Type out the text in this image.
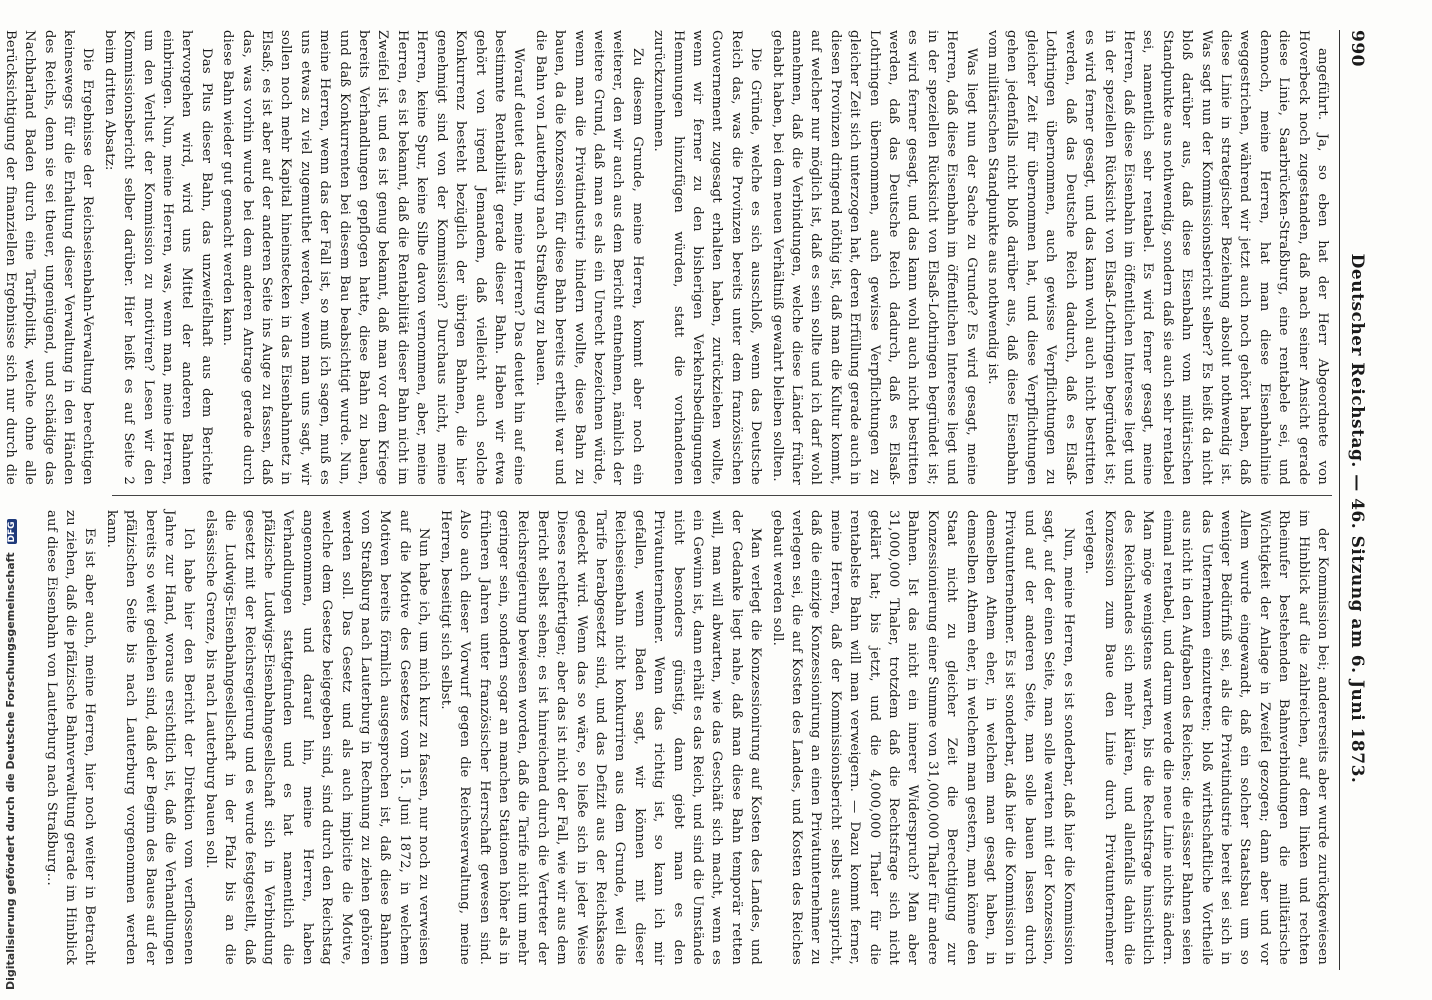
990
Deutscher Reichstag. — 46. Sitzung am 6. Juni 1873.

angeführt. Ja, so eben hat der Herr Abgeordnete von Hoverbeck noch zugestanden, daß nach seiner Ansicht gerade diese Linie, Saarbrücken-Straßburg, eine rentabele sei, und dennoch, meine Herren, hat man diese Eisenbahnlinie weggestrichen, während wir jetzt auch noch gehört haben, daß diese Linie in strategischer Beziehung absolut nothwendig ist. Was sagt nun der Kommissionsbericht selber? Es heißt da nicht bloß darüber aus, daß diese Eisenbahn vom militärischen Standpunkte aus nothwendig, sondern daß sie auch sehr rentabel sei, namentlich sehr rentabel. Es wird ferner gesagt, meine Herren, daß diese Eisenbahn im öffentlichen Interesse liegt und in der speziellen Rücksicht von Elsaß-Lothringen begründet ist; es wird ferner gesagt, und das kann wohl auch nicht bestritten werden, daß das Deutsche Reich dadurch, daß es Elsaß-Lothringen übernommen, auch gewisse Verpflichtungen zu gleicher Zeit für übernommen hat, und diese Verpflichtungen gehen jedenfalls nicht bloß darüber aus, daß diese Eisenbahn vom militärischen Standpunkte aus nothwendig ist.

Was liegt nun der Sache zu Grunde? Es wird gesagt, meine Herren, daß diese Eisenbahn im öffentlichen Interesse liegt und in der speziellen Rücksicht von Elsaß-Lothringen begründet ist; es wird ferner gesagt, und das kann wohl auch nicht bestritten werden, daß das Deutsche Reich dadurch, daß es Elsaß-Lothringen übernommen, auch gewisse Verpflichtungen zu gleicher Zeit sich unterzogen hat, deren Erfüllung gerade auch in diesen Provinzen dringend nöthig ist, daß man die Kultur kommt, auf welcher nur möglich ist, daß es sein sollte und ich darf wohl annehmen, daß die Verbindungen, welche diese Länder früher gehabt haben, bei dem neuen Verhältniß gewahrt bleiben sollten.

Die Gründe, welche es sich ausschloß, wenn das Deutsche Reich das, was die Provinzen bereits unter dem französischen Gouvernement zugesagt erhalten haben, zurückziehen wollte, wenn wir ferner zu den bisherigen Verkehrsbedingungen Hemmungen hinzufügen würden, statt die vorhandenen zurückzunehmen.

Zu diesem Grunde, meine Herren, kommt aber noch ein weiterer, den wir auch aus dem Bericht entnehmen, nämlich der weitere Grund, daß man es als ein Unrecht bezeichnen würde, wenn man die Privatindustrie hindern wollte, diese Bahn zu bauen, da die Konzession für diese Bahn bereits ertheilt war und die Bahn von Lauterburg nach Straßburg zu bauen.

Worauf deutet das hin, meine Herren? Das deutet hin auf eine bestimmte Rentabilität gerade dieser Bahn. Haben wir etwa gehört von irgend Jemandem, daß vielleicht auch solche Konkurrenz besteht bezüglich der übrigen Bahnen, die hier genehmigt sind von der Kommission? Durchaus nicht, meine Herren, keine Spur, keine Silbe davon vernommen, aber, meine Herren, es ist bekannt, daß die Rentabilität dieser Bahn nicht im Zweifel ist, und es ist genug bekannt, daß man vor dem Kriege bereits Verhandlungen gepflogen hatte, diese Bahn zu bauen, und daß Konkurrenten bei diesem Bau beabsichtigt wurde. Nun, meine Herren, wenn das der Fall ist, so muß ich sagen, muß es uns etwas zu viel zugemuthet werden, wenn man uns sagt, wir sollen noch mehr Kapital hineinstecken in das Eisenbahnnetz in Elsaß; es ist aber auf der anderen Seite ins Auge zu fassen, daß das, was vorhin wurde bei dem anderen Antrage gerade durch diese Bahn wieder gut gemacht werden kann.

Das Plus dieser Bahn, das unzweifelhaft aus dem Berichte hervorgehen wird, wird uns Mittel der anderen Bahnen einbringen. Nun, meine Herren, was, wenn man, meine Herren, um den Verlust der Kommission zu motiviren? Lesen wir den Kommissionsbericht selber darüber. Hier heißt es auf Seite 2 beim dritten Absatz:

Die Ergebnisse der Reichseisenbahn-Verwaltung berechtigen keineswegs für die Erhaltung dieser Verwaltung in den Händen des Reichs, denn sie sei theuer, ungenügend, und schädige das Nachbarland Baden durch eine Tarifpolitik, welche ohne alle Berücksichtigung der finanziellen Ergebnisse sich nur durch die

der Kommission bei; andererseits aber wurde zurückgewiesen im Hinblick auf die zahlreichen, auf dem linken und rechten Rheinufer bestehenden Bahnverbindungen die militärische Wichtigkeit der Anlage in Zweifel gezogen; dann aber und vor Allem wurde eingewandt, daß ein solcher Staatsbau um so weniger Bedürfniß sei, als die Privatindustrie bereit sei sich in das Unternehmen einzutreten; bloß wirthschaftliche Vortheile aus nicht in den Aufgaben des Reiches; die elsässer Bahnen seien einmal rentabel, und darum werde die neue Linie nichts ändern. Man möge wenigstens warten, bis die Rechtsfrage hinsichtlich des Reichslandes sich mehr klären, und allenfalls dahin die Konzession zum Baue den Linie durch Privatunternehmer verlegen.

Nun, meine Herren, es ist sonderbar, daß hier die Kommission sagt, auf der einen Seite, man solle warten mit der Konzession, und auf der anderen Seite, man solle bauen lassen durch Privatunternehmer. Es ist sonderbar, daß hier die Kommission in demselben Athem eher, in welchem man gesagt haben, in demselben Athem eher, in welchem man gestern, man könne den Staat nicht zu gleicher Zeit die Berechtigung zur Konzessionierung einer Summe von 31,000,000 Thaler für andere Bahnen. Ist das nicht ein innerer Widerspruch? Man aber 31,000,000 Thaler, trotzdem daß die Rechtsfrage sich nicht geklärt hat; bis jetzt, und die 4,000,000 Thaler für die rentabelste Bahn will man verweigern. — Dazu kommt ferner, meine Herren, daß der Kommissionsbericht selbst ausspricht, daß die einzige Konzessionirung an einen Privatunternehmer zu verlegen sei, die auf Kosten des Landes, und Kosten des Reiches gebaut werden soll.

Man verlegt die Konzessionirung auf Kosten des Landes, und der Gedanke liegt nahe, daß man diese Bahn temporär retten will, man will abwarten, wie das Geschäft sich macht, wenn es ein Gewinn ist, dann erhält es das Reich, und sind die Umstände nicht besonders günstig, dann giebt man es den Privatunternehmer. Wenn das richtig ist, so kann ich mir gefallen, wenn Baden sagt, wir können mit dieser Reichseisenbahn nicht konkurriren aus dem Grunde, weil die Tarife herabgesetzt sind, und das Defizit aus der Reichskasse gedeckt wird. Wenn das so wäre, so ließe sich in jeder Weise Dieses rechtfertigen; aber das ist nicht der Fall, wie wir aus dem Bericht selbst sehen; es ist hinreichend durch die Vertreter der Reichsregierung bewiesen worden, daß die Tarife nicht um mehr geringer sein, sondern sogar an manchen Stationen höher als in früheren Jahren unter französischer Herrschaft gewesen sind. Also auch dieser Vorwurf gegen die Reichsverwaltung, meine Herren, beseitigt sich selbst.

Nun habe ich, um mich kurz zu fassen, nur noch zu verweisen auf die Motive des Gesetzes vom 15. Juni 1872, in welchem Motiven bereits förmlich ausgesprochen ist, daß diese Bahnen von Straßburg nach Lauterburg in Rechnung zu ziehen gehören werden soll. Das Gesetz und als auch implicite die Motive, welche dem Gesetze beigegeben sind, sind durch den Reichstag angenommen, und darauf hin, meine Herren, haben Verhandlungen stattgefunden und es hat namentlich die pfälzische Ludwigs-Eisenbahngesellschaft sich in Verbindung gesetzt mit der Reichsregierung und es wurde festgestellt, daß die Ludwigs-Eisenbahngesellschaft in der Pfalz bis an die elsässische Grenze, bis nach Lauterburg bauen soll.

Ich habe hier den Bericht der Direktion vom verflossenen Jahre zur Hand, woraus ersichtlich ist, daß die Verhandlungen bereits so weit gediehen sind, daß der Beginn des Baues auf der pfälzischen Seite bis nach Lauterburg vorgenommen werden kann.

Es ist aber auch, meine Herren, hier noch weiter in Betracht zu ziehen, daß die pfälzische Bahnverwaltung gerade im Hinblick auf diese Eisenbahn von Lauterburg nach Straßburg...

Digitalisierung gefördert durch die Deutsche Forschungsgemeinschaft DFG
